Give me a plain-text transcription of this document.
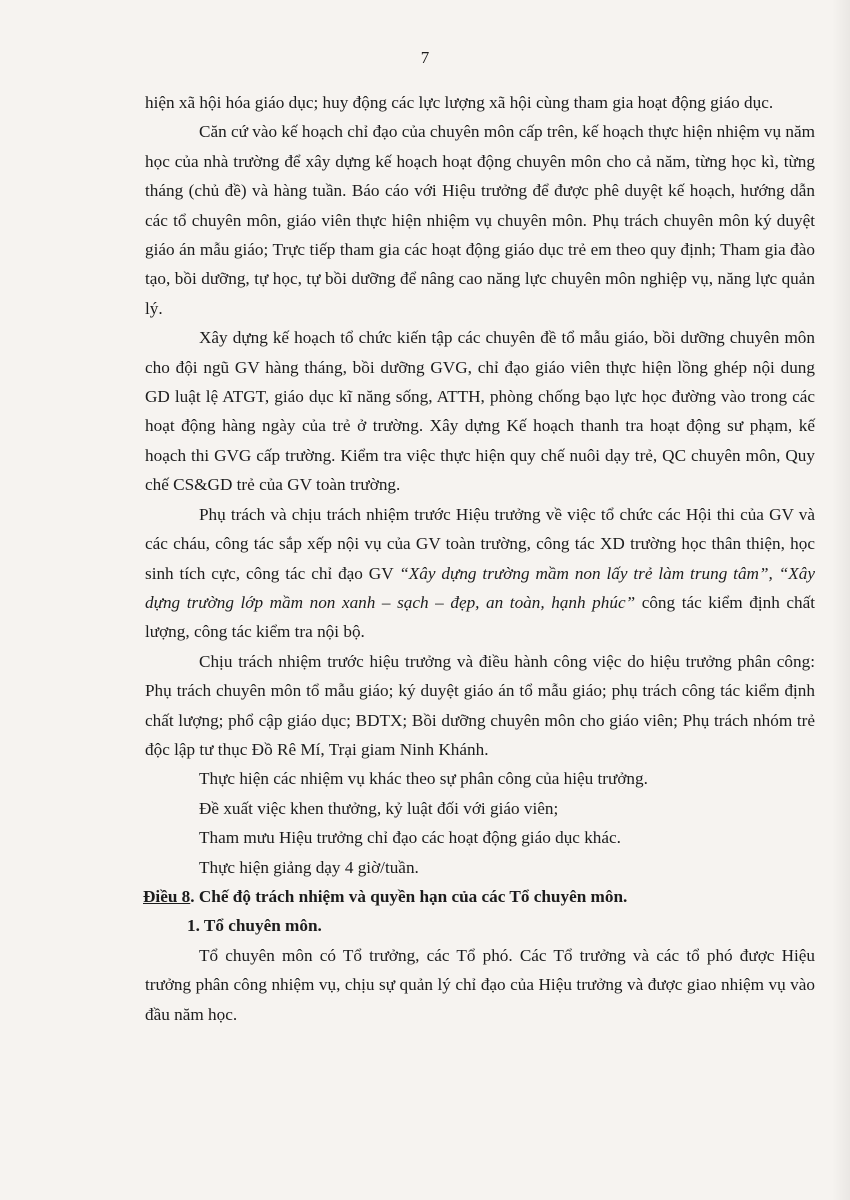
7

hiện xã hội hóa giáo dục; huy động các lực lượng xã hội cùng tham gia hoạt động giáo dục.

Căn cứ vào kế hoạch chỉ đạo của chuyên môn cấp trên, kế hoạch thực hiện nhiệm vụ năm học của nhà trường để xây dựng kế hoạch hoạt động chuyên môn cho cả năm, từng học kì, từng tháng (chủ đề) và hàng tuần. Báo cáo với Hiệu trưởng để được phê duyệt kế hoạch, hướng dẫn các tổ chuyên môn, giáo viên thực hiện nhiệm vụ chuyên môn. Phụ trách chuyên môn ký duyệt giáo án mẫu giáo; Trực tiếp tham gia các hoạt động giáo dục trẻ em theo quy định; Tham gia đào tạo, bồi dưỡng, tự học, tự bồi dưỡng để nâng cao năng lực chuyên môn nghiệp vụ, năng lực quản lý.

Xây dựng kế hoạch tổ chức kiến tập các chuyên đề tổ mẫu giáo, bồi dưỡng chuyên môn cho đội ngũ GV hàng tháng, bồi dưỡng GVG, chỉ đạo giáo viên thực hiện lồng ghép nội dung GD luật lệ ATGT, giáo dục kĩ năng sống, ATTH, phòng chống bạo lực học đường vào trong các hoạt động hàng ngày của trẻ ở trường. Xây dựng Kế hoạch thanh tra hoạt động sư phạm, kế hoạch thi GVG cấp trường. Kiểm tra việc thực hiện quy chế nuôi dạy trẻ, QC chuyên môn, Quy chế CS&GD trẻ của GV toàn trường.

Phụ trách và chịu trách nhiệm trước Hiệu trưởng về việc tổ chức các Hội thi của GV và các cháu, công tác sắp xếp nội vụ của GV toàn trường, công tác XD trường học thân thiện, học sinh tích cực, công tác chỉ đạo GV “Xây dựng trường mầm non lấy trẻ làm trung tâm”, “Xây dựng trường lớp mầm non xanh – sạch – đẹp, an toàn, hạnh phúc” công tác kiểm định chất lượng, công tác kiểm tra nội bộ.

Chịu trách nhiệm trước hiệu trưởng và điều hành công việc do hiệu trưởng phân công: Phụ trách chuyên môn tổ mẫu giáo; ký duyệt giáo án tổ mẫu giáo; phụ trách công tác kiểm định chất lượng; phổ cập giáo dục; BDTX; Bồi dưỡng chuyên môn cho giáo viên; Phụ trách nhóm trẻ độc lập tư thục Đồ Rê Mí, Trại giam Ninh Khánh.

Thực hiện các nhiệm vụ khác theo sự phân công của hiệu trưởng.

Đề xuất việc khen thưởng, kỷ luật đối với giáo viên;

Tham mưu Hiệu trưởng chỉ đạo các hoạt động giáo dục khác.

Thực hiện giảng dạy 4 giờ/tuần.

Điều 8. Chế độ trách nhiệm và quyền hạn của các Tổ chuyên môn.

1. Tổ chuyên môn.

Tổ chuyên môn có Tổ trưởng, các Tổ phó. Các Tổ trưởng và các tổ phó được Hiệu trưởng phân công nhiệm vụ, chịu sự quản lý chỉ đạo của Hiệu trưởng và được giao nhiệm vụ vào đầu năm học.
